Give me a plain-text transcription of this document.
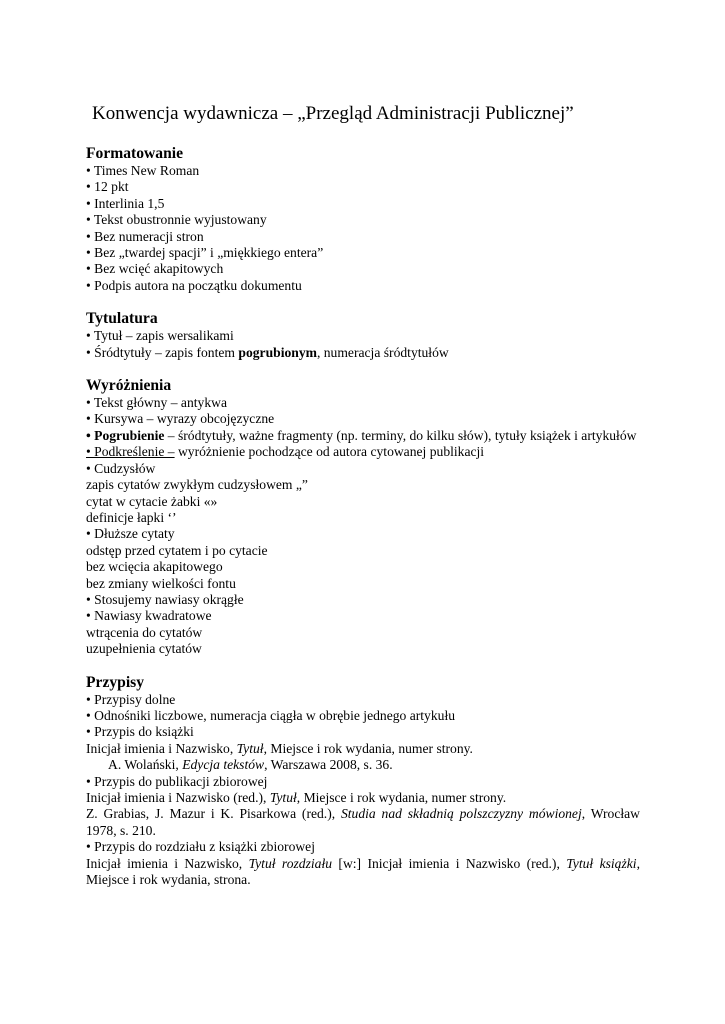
Konwencja wydawnicza – „Przegląd Administracji Publicznej”

Formatowanie

• Times New Roman

• 12 pkt

• Interlinia 1,5

• Tekst obustronnie wyjustowany

• Bez numeracji stron

• Bez „twardej spacji” i „miękkiego entera”

• Bez wcięć akapitowych

• Podpis autora na początku dokumentu

Tytulatura

• Tytuł – zapis wersalikami

• Śródtytuły – zapis fontem pogrubionym, numeracja śródtytułów

Wyróżnienia

• Tekst główny – antykwa

• Kursywa – wyrazy obcojęzyczne

• Pogrubienie – śródtytuły, ważne fragmenty (np. terminy, do kilku słów), tytuły książek i artykułów

• Podkreślenie – wyróżnienie pochodzące od autora cytowanej publikacji

• Cudzysłów

zapis cytatów zwykłym cudzysłowem „”

cytat w cytacie żabki «»

definicje łapki ‘’

• Dłuższe cytaty

odstęp przed cytatem i po cytacie

bez wcięcia akapitowego

bez zmiany wielkości fontu

• Stosujemy nawiasy okrągłe

• Nawiasy kwadratowe

wtrącenia do cytatów

uzupełnienia cytatów

Przypisy

• Przypisy dolne

• Odnośniki liczbowe, numeracja ciągła w obrębie jednego artykułu

• Przypis do książki

Inicjał imienia i Nazwisko, Tytuł, Miejsce i rok wydania, numer strony.

A. Wolański, Edycja tekstów, Warszawa 2008, s. 36.

• Przypis do publikacji zbiorowej

Inicjał imienia i Nazwisko (red.), Tytuł, Miejsce i rok wydania, numer strony.

Z. Grabias, J. Mazur i K. Pisarkowa (red.), Studia nad składnią polszczyzny mówionej, Wrocław 1978, s. 210.

• Przypis do rozdziału z książki zbiorowej

Inicjał imienia i Nazwisko, Tytuł rozdziału [w:] Inicjał imienia i Nazwisko (red.), Tytuł książki, Miejsce i rok wydania, strona.
